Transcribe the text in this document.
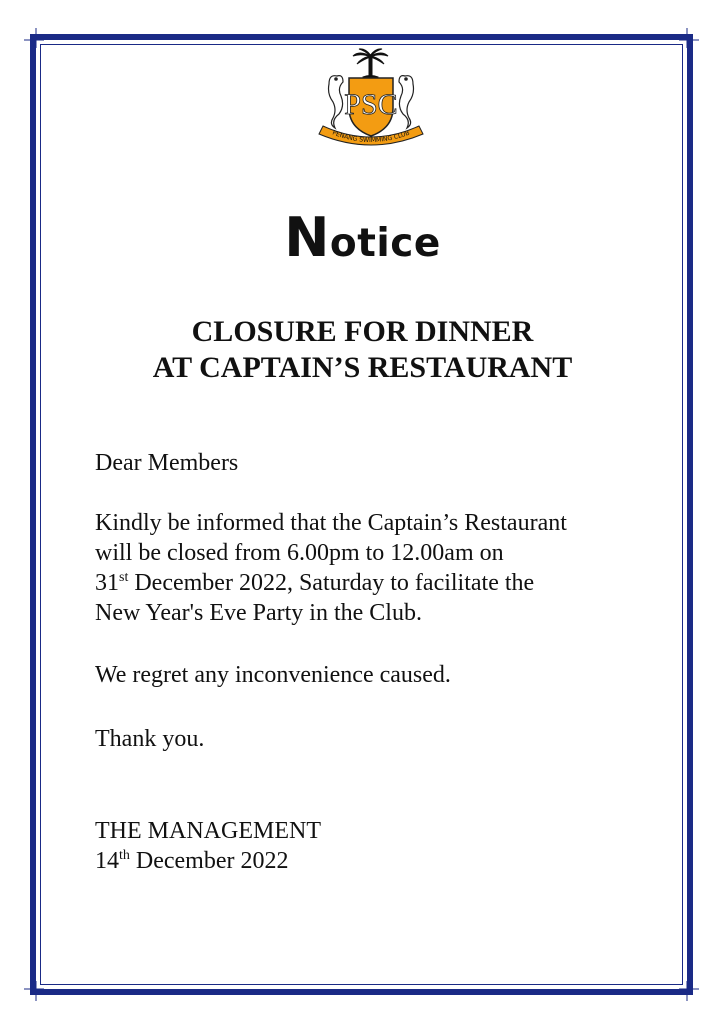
PSC
PENANG SWIMMING CLUB
Notice
CLOSURE FOR DINNER
AT CAPTAIN’S RESTAURANT

Dear Members

Kindly be informed that the Captain’s Restaurant
will be closed from 6.00pm to 12.00am on
31st December 2022, Saturday to facilitate the
New Year's Eve Party in the Club.

We regret any inconvenience caused.

Thank you.

THE MANAGEMENT
14th December 2022
